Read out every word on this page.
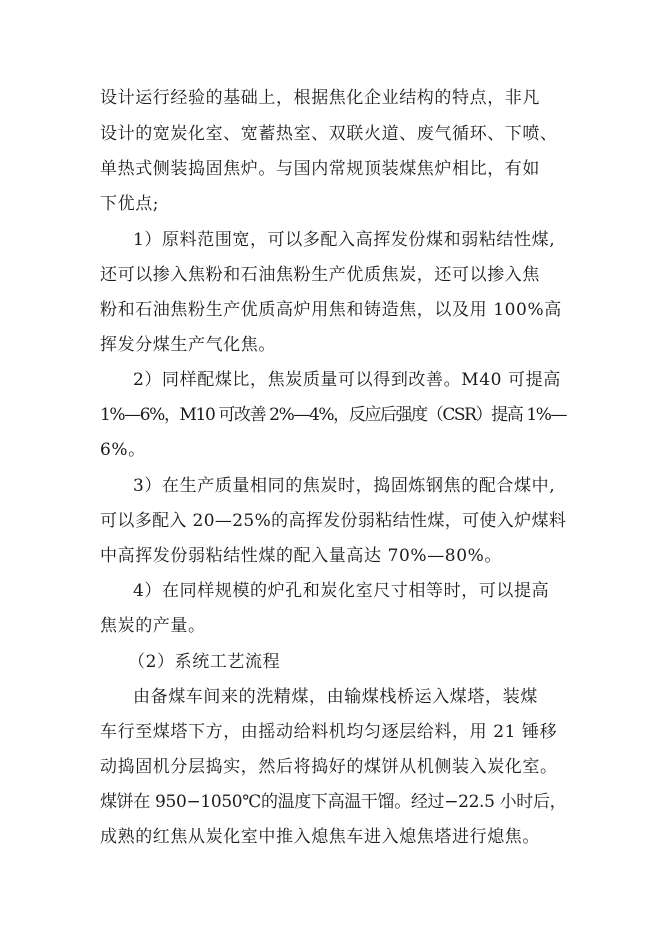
设计运行经验的基础上，根据焦化企业结构的特点，非凡

设计的宽炭化室、宽蓄热室、双联火道、废气循环、下喷、

单热式侧装捣固焦炉。与国内常规顶装煤焦炉相比，有如

下优点;

1）原料范围宽，可以多配入高挥发份煤和弱粘结性煤,

还可以掺入焦粉和石油焦粉生产优质焦炭，还可以掺入焦

粉和石油焦粉生产优质高炉用焦和铸造焦，以及用 100%高

挥发分煤生产气化焦。

2）同样配煤比，焦炭质量可以得到改善。M40 可提高

1%—6%，M10 可改善 2%—4%，反应后强度（CSR）提高 1%—

6%。

3）在生产质量相同的焦炭时，捣固炼钢焦的配合煤中,

可以多配入 20—25%的高挥发份弱粘结性煤，可使入炉煤料

中高挥发份弱粘结性煤的配入量高达 70%—80%。

4）在同样规模的炉孔和炭化室尺寸相等时，可以提高

焦炭的产量。

（2）系统工艺流程

由备煤车间来的洗精煤，由输煤栈桥运入煤塔，装煤

车行至煤塔下方，由摇动给料机均匀逐层给料，用 21 锤移

动捣固机分层捣实，然后将捣好的煤饼从机侧装入炭化室。

煤饼在 950−1050℃的温度下高温干馏。经过−22.5 小时后，

成熟的红焦从炭化室中推入熄焦车进入熄焦塔进行熄焦。
